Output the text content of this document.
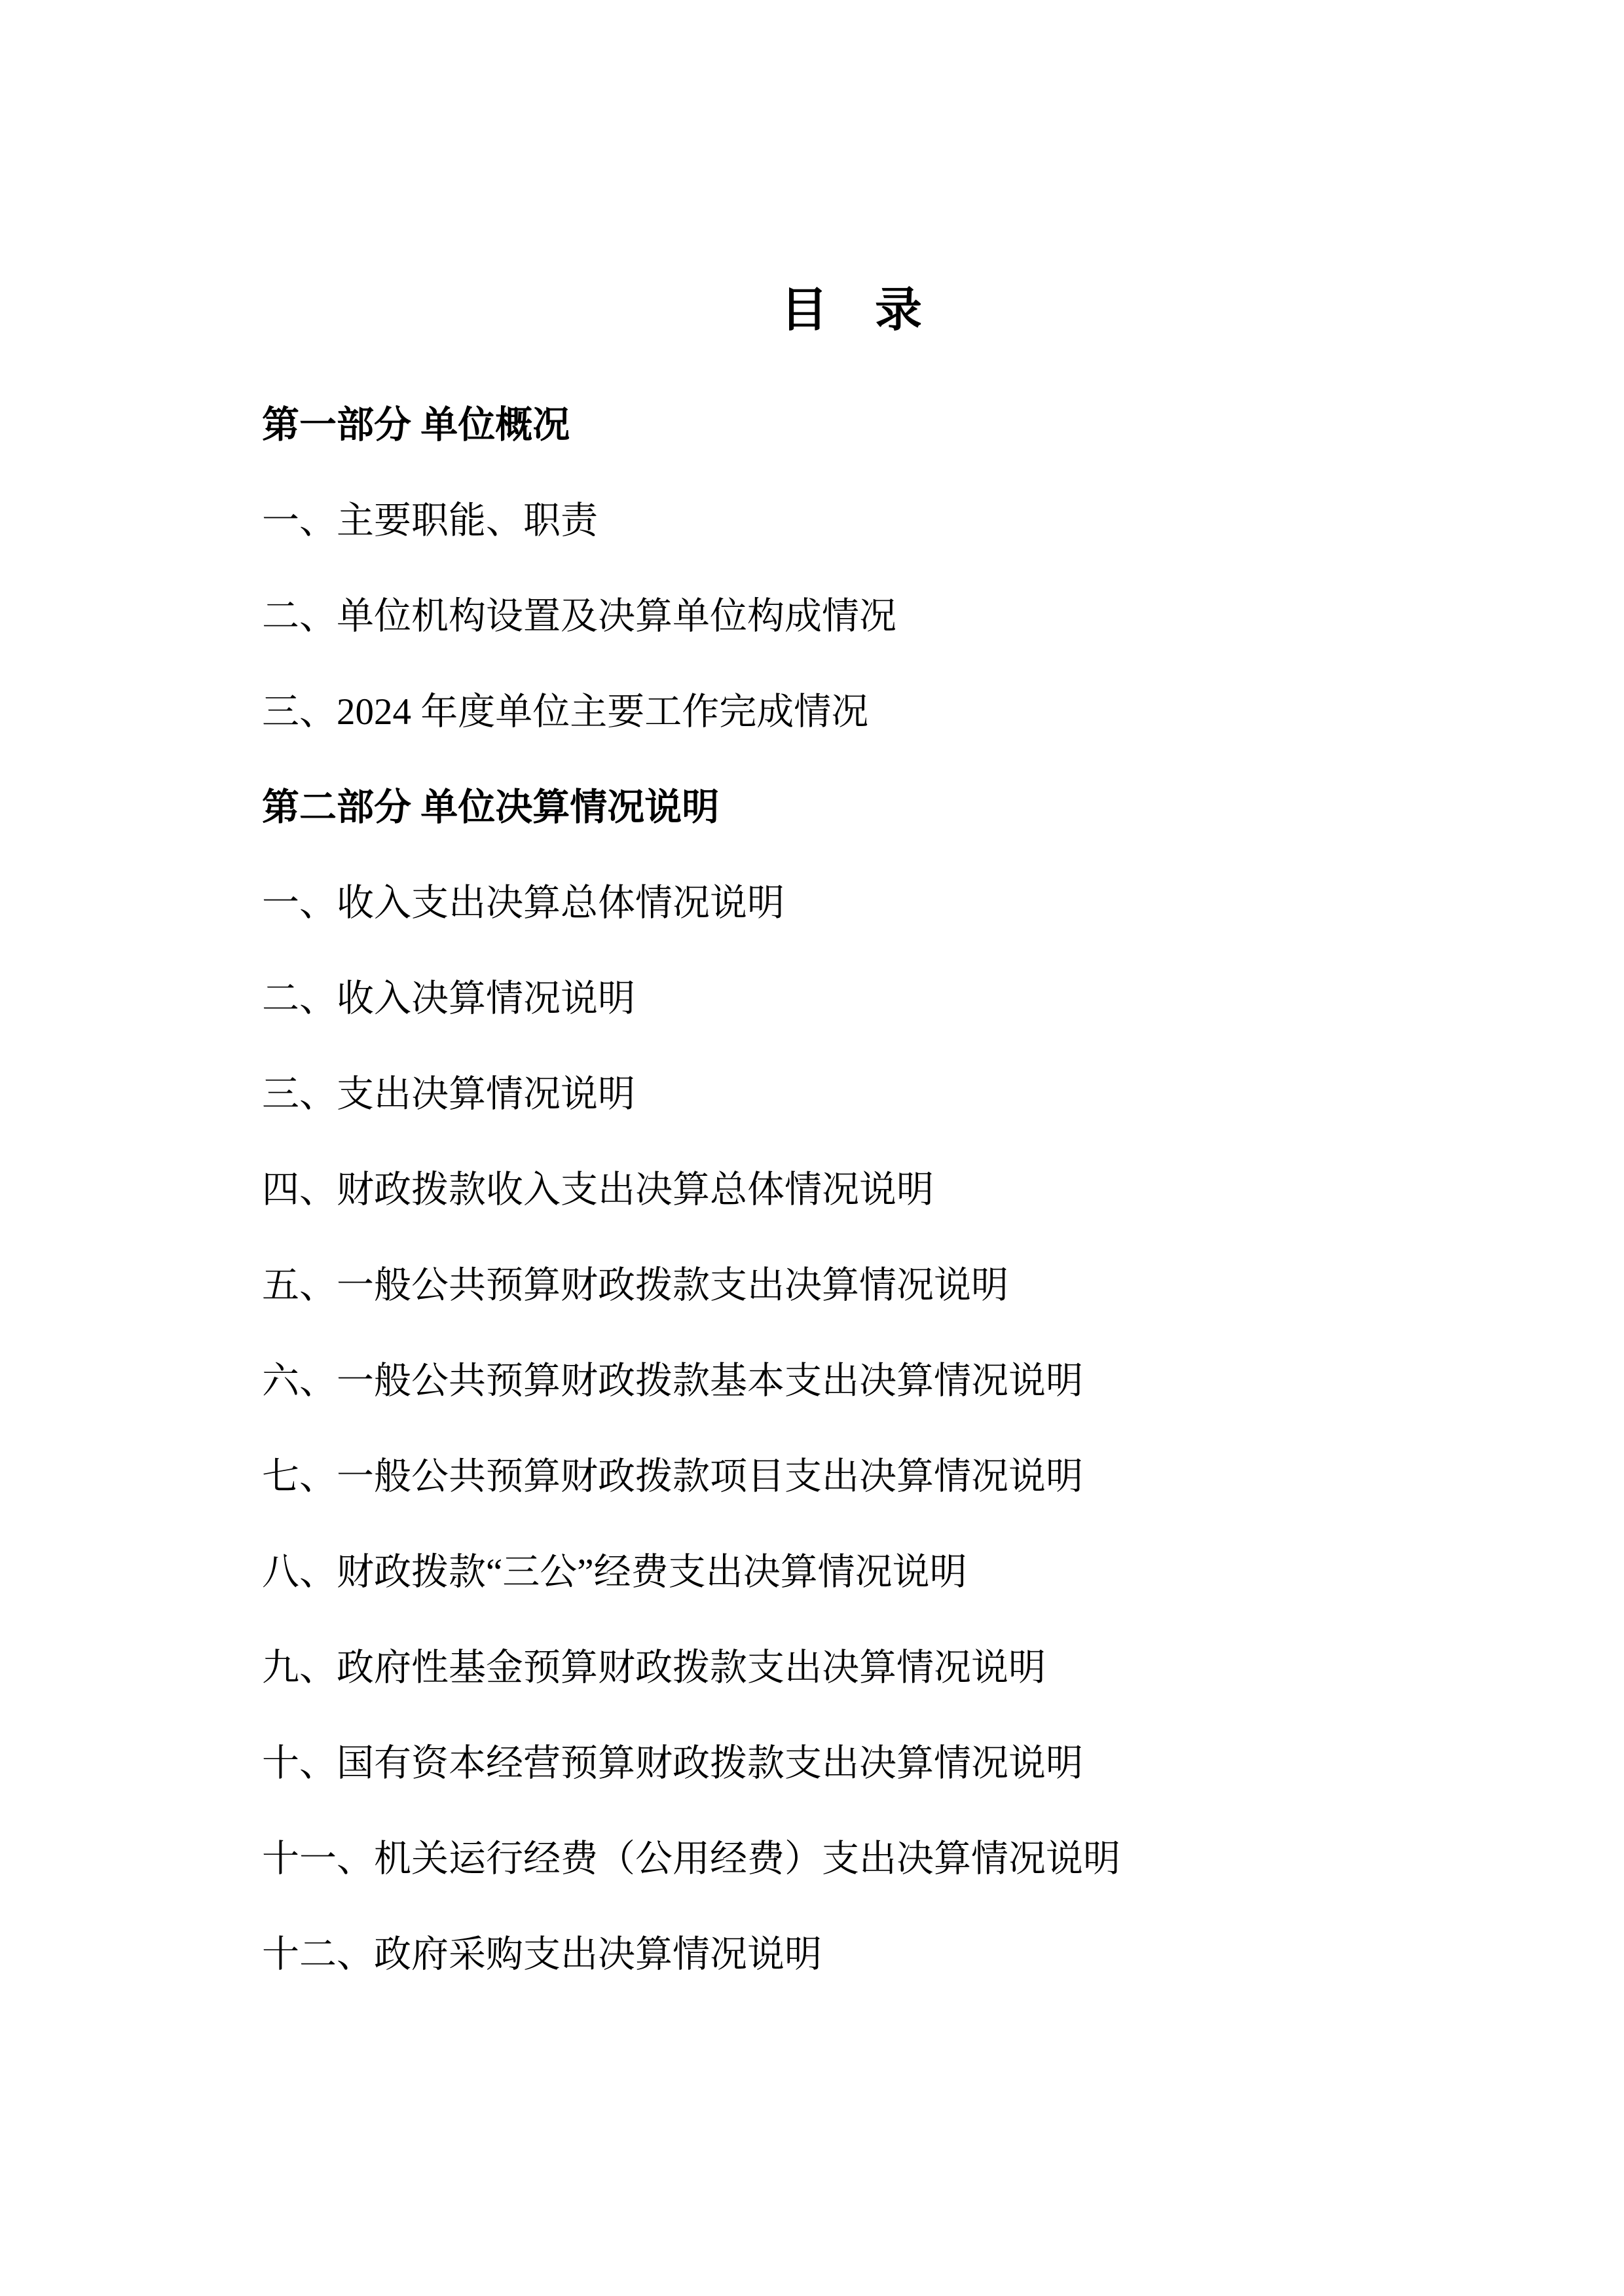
目　录
第一部分 单位概况
一、主要职能、职责
二、单位机构设置及决算单位构成情况
三、2024 年度单位主要工作完成情况
第二部分 单位决算情况说明
一、收入支出决算总体情况说明
二、收入决算情况说明
三、支出决算情况说明
四、财政拨款收入支出决算总体情况说明
五、一般公共预算财政拨款支出决算情况说明
六、一般公共预算财政拨款基本支出决算情况说明
七、一般公共预算财政拨款项目支出决算情况说明
八、财政拨款“三公”经费支出决算情况说明
九、政府性基金预算财政拨款支出决算情况说明
十、国有资本经营预算财政拨款支出决算情况说明
十一、机关运行经费（公用经费）支出决算情况说明
十二、政府采购支出决算情况说明
